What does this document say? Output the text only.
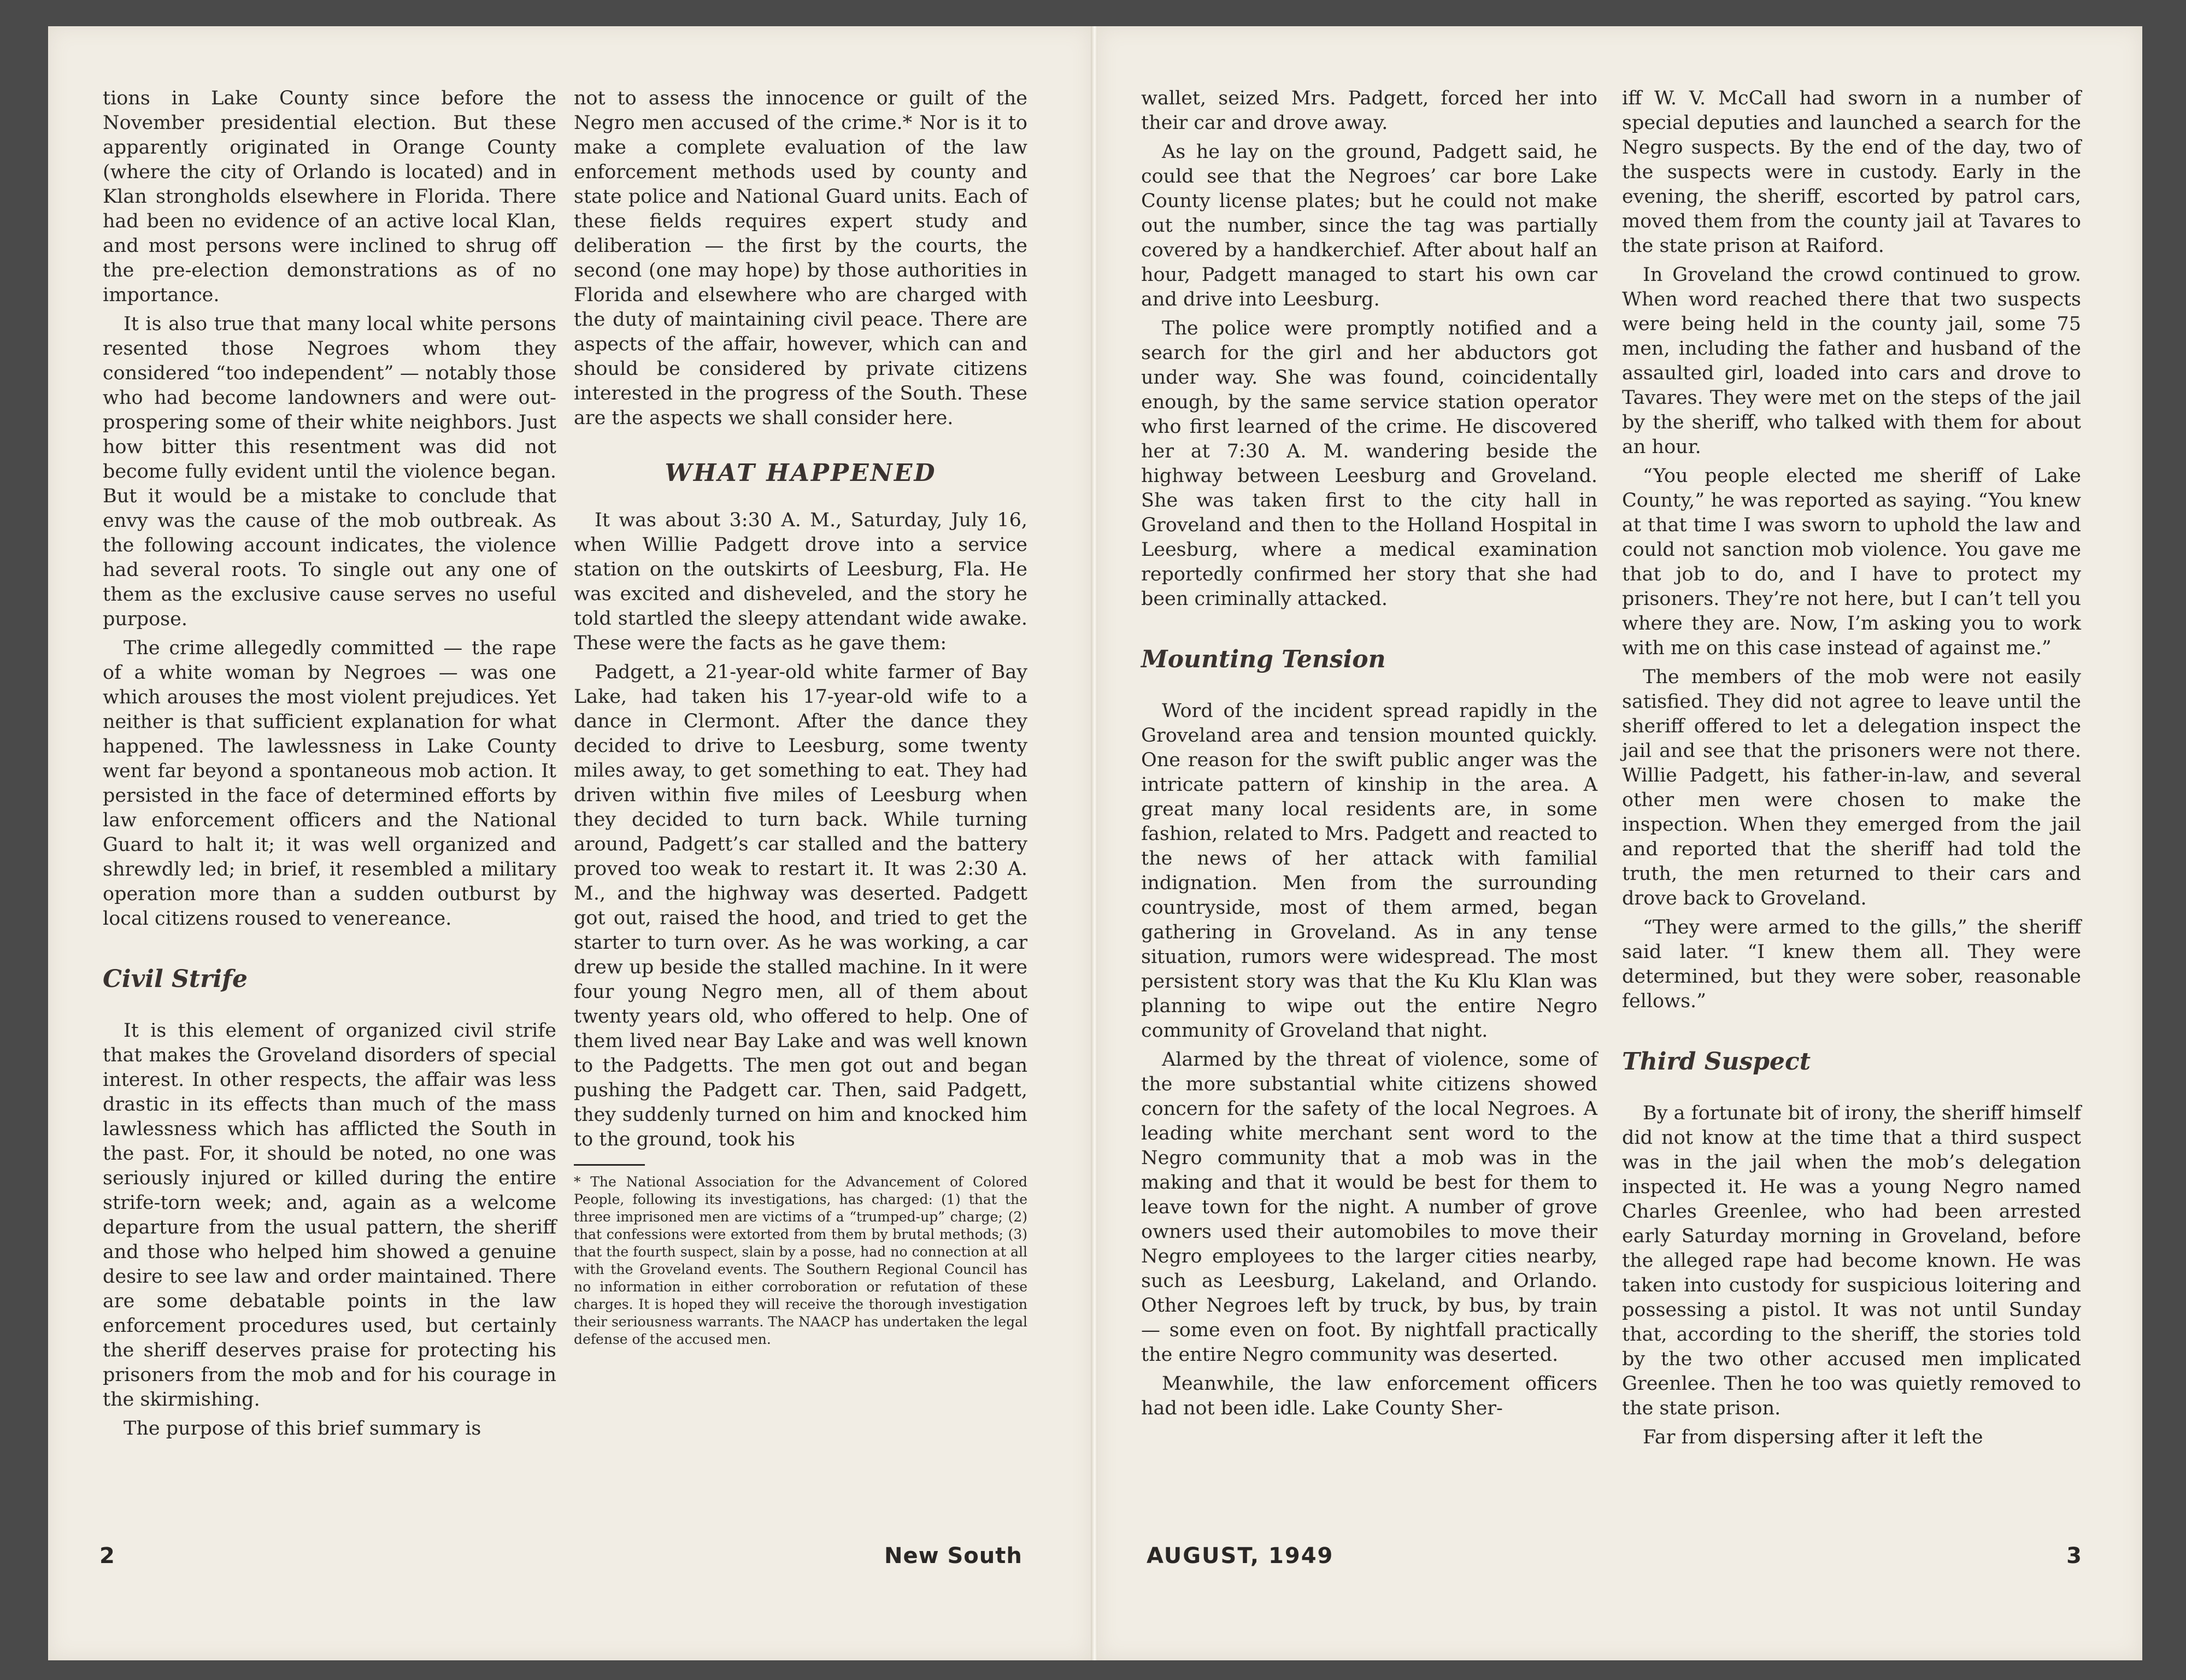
tions in Lake County since before the November presidential election. But these apparently originated in Orange County (where the city of Orlando is located) and in Klan strongholds elsewhere in Florida. There had been no evidence of an active local Klan, and most persons were inclined to shrug off the pre-election demonstrations as of no importance.

It is also true that many local white persons resented those Negroes whom they considered “too independent” — notably those who had become landowners and were out-prospering some of their white neighbors. Just how bitter this resentment was did not become fully evident until the violence began. But it would be a mistake to conclude that envy was the cause of the mob outbreak. As the following account indicates, the violence had several roots. To single out any one of them as the exclusive cause serves no useful purpose.

The crime allegedly committed — the rape of a white woman by Negroes — was one which arouses the most violent prejudices. Yet neither is that sufficient explanation for what happened. The lawlessness in Lake County went far beyond a spontaneous mob action. It persisted in the face of determined efforts by law enforcement officers and the National Guard to halt it; it was well organized and shrewdly led; in brief, it resembled a military operation more than a sudden outburst by local citizens roused to veneгeance.

Civil Strife

It is this element of organized civil strife that makes the Groveland disorders of special interest. In other respects, the affair was less drastic in its effects than much of the mass lawlessness which has afflicted the South in the past. For, it should be noted, no one was seriously injured or killed during the entire strife-torn week; and, again as a welcome departure from the usual pattern, the sheriff and those who helped him showed a genuine desire to see law and order maintained. There are some debatable points in the law enforcement procedures used, but certainly the sheriff deserves praise for protecting his prisoners from the mob and for his courage in the skirmishing.

The purpose of this brief summary is

not to assess the innocence or guilt of the Negro men accused of the crime.* Nor is it to make a complete evaluation of the law enforcement methods used by county and state police and National Guard units. Each of these fields requires expert study and deliberation — the first by the courts, the second (one may hope) by those authorities in Florida and elsewhere who are charged with the duty of maintaining civil peace. There are aspects of the affair, however, which can and should be considered by private citizens interested in the progress of the South. These are the aspects we shall consider here.

WHAT HAPPENED

It was about 3:30 A. M., Saturday, July 16, when Willie Padgett drove into a service station on the outskirts of Leesburg, Fla. He was excited and disheveled, and the story he told startled the sleepy attendant wide awake. These were the facts as he gave them:

Padgett, a 21-year-old white farmer of Bay Lake, had taken his 17-year-old wife to a dance in Clermont. After the dance they decided to drive to Leesburg, some twenty miles away, to get something to eat. They had driven within five miles of Leesburg when they decided to turn back. While turning around, Padgett’s car stalled and the battery proved too weak to restart it. It was 2:30 A. M., and the highway was deserted. Padgett got out, raised the hood, and tried to get the starter to turn over. As he was working, a car drew up beside the stalled machine. In it were four young Negro men, all of them about twenty years old, who offered to help. One of them lived near Bay Lake and was well known to the Padgetts. The men got out and began pushing the Padgett car. Then, said Padgett, they suddenly turned on him and knocked him to the ground, took his

* The National Association for the Advancement of Colored People, following its investigations, has charged: (1) that the three imprisoned men are victims of a “trumped-up” charge; (2) that confessions were extorted from them by brutal methods; (3) that the fourth suspect, slain by a posse, had no connection at all with the Groveland events. The Southern Regional Council has no information in either corroboration or refutation of these charges. It is hoped they will receive the thorough investigation their seriousness warrants. The NAACP has undertaken the legal defense of the accused men.
2	New South

wallet, seized Mrs. Padgett, forced her into their car and drove away.

As he lay on the ground, Padgett said, he could see that the Negroes’ car bore Lake County license plates; but he could not make out the number, since the tag was partially covered by a handkerchief. After about half an hour, Padgett managed to start his own car and drive into Leesburg.

The police were promptly notified and a search for the girl and her abductors got under way. She was found, coincidentally enough, by the same service station operator who first learned of the crime. He discovered her at 7:30 A. M. wandering beside the highway between Leesburg and Groveland. She was taken first to the city hall in Groveland and then to the Holland Hospital in Leesburg, where a medical examination reportedly confirmed her story that she had been criminally attacked.

Mounting Tension

Word of the incident spread rapidly in the Groveland area and tension mounted quickly. One reason for the swift public anger was the intricate pattern of kinship in the area. A great many local residents are, in some fashion, related to Mrs. Padgett and reacted to the news of her attack with familial indignation. Men from the surrounding countryside, most of them armed, began gathering in Groveland. As in any tense situation, rumors were widespread. The most persistent story was that the Ku Klu Klan was planning to wipe out the entire Negro community of Groveland that night.

Alarmed by the threat of violence, some of the more substantial white citizens showed concern for the safety of the local Negroes. A leading white merchant sent word to the Negro community that a mob was in the making and that it would be best for them to leave town for the night. A number of grove owners used their automobiles to move their Negro employees to the larger cities nearby, such as Leesburg, Lakeland, and Orlando. Other Negroes left by truck, by bus, by train — some even on foot. By nightfall practically the entire Negro community was deserted.

Meanwhile, the law enforcement officers had not been idle. Lake County Sher-

iff W. V. McCall had sworn in a number of special deputies and launched a search for the Negro suspects. By the end of the day, two of the suspects were in custody. Early in the evening, the sheriff, escorted by patrol cars, moved them from the county jail at Tavares to the state prison at Raiford.

In Groveland the crowd continued to grow. When word reached there that two suspects were being held in the county jail, some 75 men, including the father and husband of the assaulted girl, loaded into cars and drove to Tavares. They were met on the steps of the jail by the sheriff, who talked with them for about an hour.

“You people elected me sheriff of Lake County,” he was reported as saying. “You knew at that time I was sworn to uphold the law and could not sanction mob violence. You gave me that job to do, and I have to protect my prisoners. They’re not here, but I can’t tell you where they are. Now, I’m asking you to work with me on this case instead of against me.”

The members of the mob were not easily satisfied. They did not agree to leave until the sheriff offered to let a delegation inspect the jail and see that the prisoners were not there. Willie Padgett, his father-in-law, and several other men were chosen to make the inspection. When they emerged from the jail and reported that the sheriff had told the truth, the men returned to their cars and drove back to Groveland.

“They were armed to the gills,” the sheriff said later. “I knew them all. They were determined, but they were sober, reasonable fellows.”

Third Suspect

By a fortunate bit of irony, the sheriff himself did not know at the time that a third suspect was in the jail when the mob’s delegation inspected it. He was a young Negro named Charles Greenlee, who had been arrested early Saturday morning in Groveland, before the alleged rape had become known. He was taken into custody for suspicious loitering and possessing a pistol. It was not until Sunday that, according to the sheriff, the stories told by the two other accused men implicated Greenlee. Then he too was quietly removed to the state prison.

Far from dispersing after it left the

AUGUST, 1949	3
